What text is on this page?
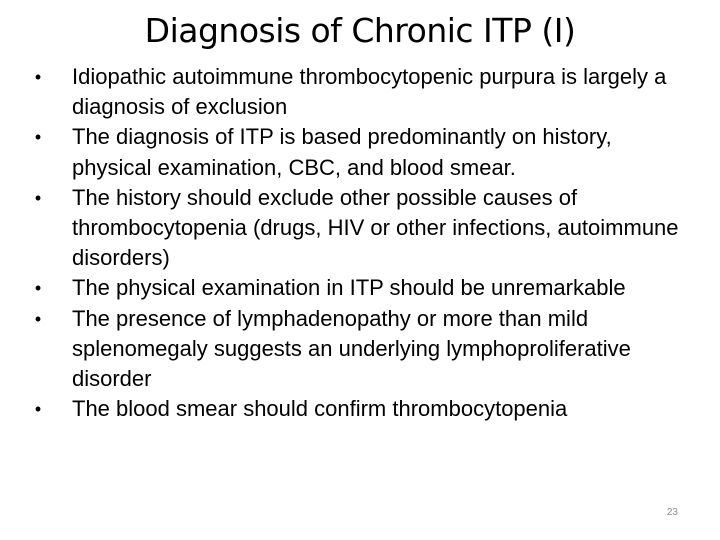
Diagnosis of Chronic ITP (I)
•	Idiopathic autoimmune thrombocytopenic purpura is largely a diagnosis of exclusion
•	The diagnosis of ITP is based predominantly on history, physical examination, CBC, and blood smear.
•	The history should exclude other possible causes of thrombocytopenia (drugs, HIV or other infections, autoimmune disorders)
•	The physical examination in ITP should be unremarkable
•	The presence of lymphadenopathy or more than mild splenomegaly suggests an underlying lymphoproliferative disorder
•	The blood smear should confirm thrombocytopenia
23
